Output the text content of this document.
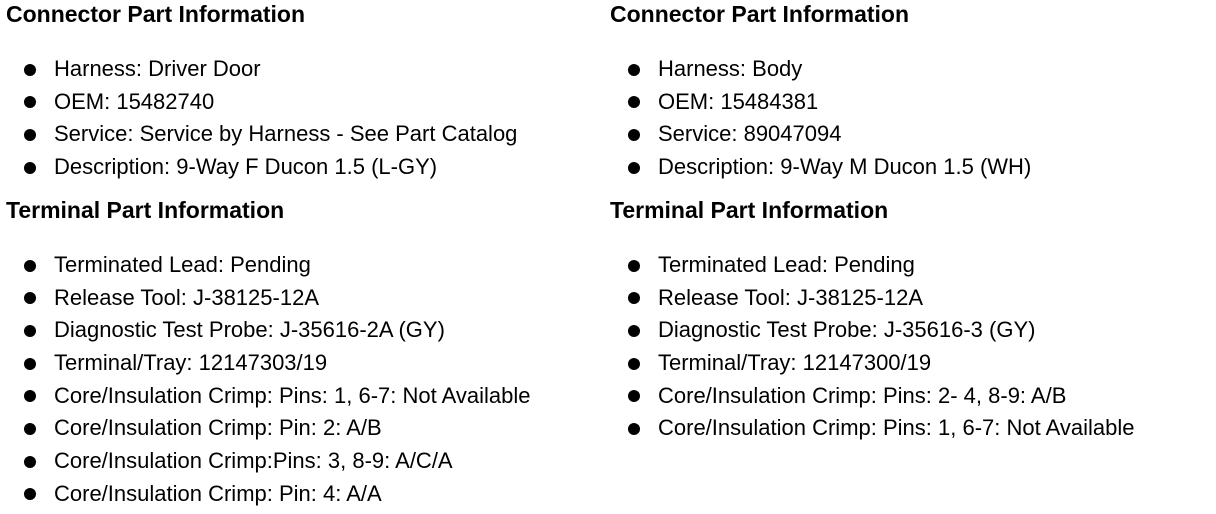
Connector Part Information
Harness: Driver Door
OEM: 15482740
Service: Service by Harness - See Part Catalog
Description: 9-Way F Ducon 1.5 (L-GY)
Terminal Part Information
Terminated Lead: Pending
Release Tool: J-38125-12A
Diagnostic Test Probe: J-35616-2A (GY)
Terminal/Tray: 12147303/19
Core/Insulation Crimp: Pins: 1, 6-7: Not Available
Core/Insulation Crimp: Pin: 2: A/B
Core/Insulation Crimp:Pins: 3, 8-9: A/C/A
Core/Insulation Crimp: Pin: 4: A/A
Connector Part Information
Harness: Body
OEM: 15484381
Service: 89047094
Description: 9-Way M Ducon 1.5 (WH)
Terminal Part Information
Terminated Lead: Pending
Release Tool: J-38125-12A
Diagnostic Test Probe: J-35616-3 (GY)
Terminal/Tray: 12147300/19
Core/Insulation Crimp: Pins: 2- 4, 8-9: A/B
Core/Insulation Crimp: Pins: 1, 6-7: Not Available
